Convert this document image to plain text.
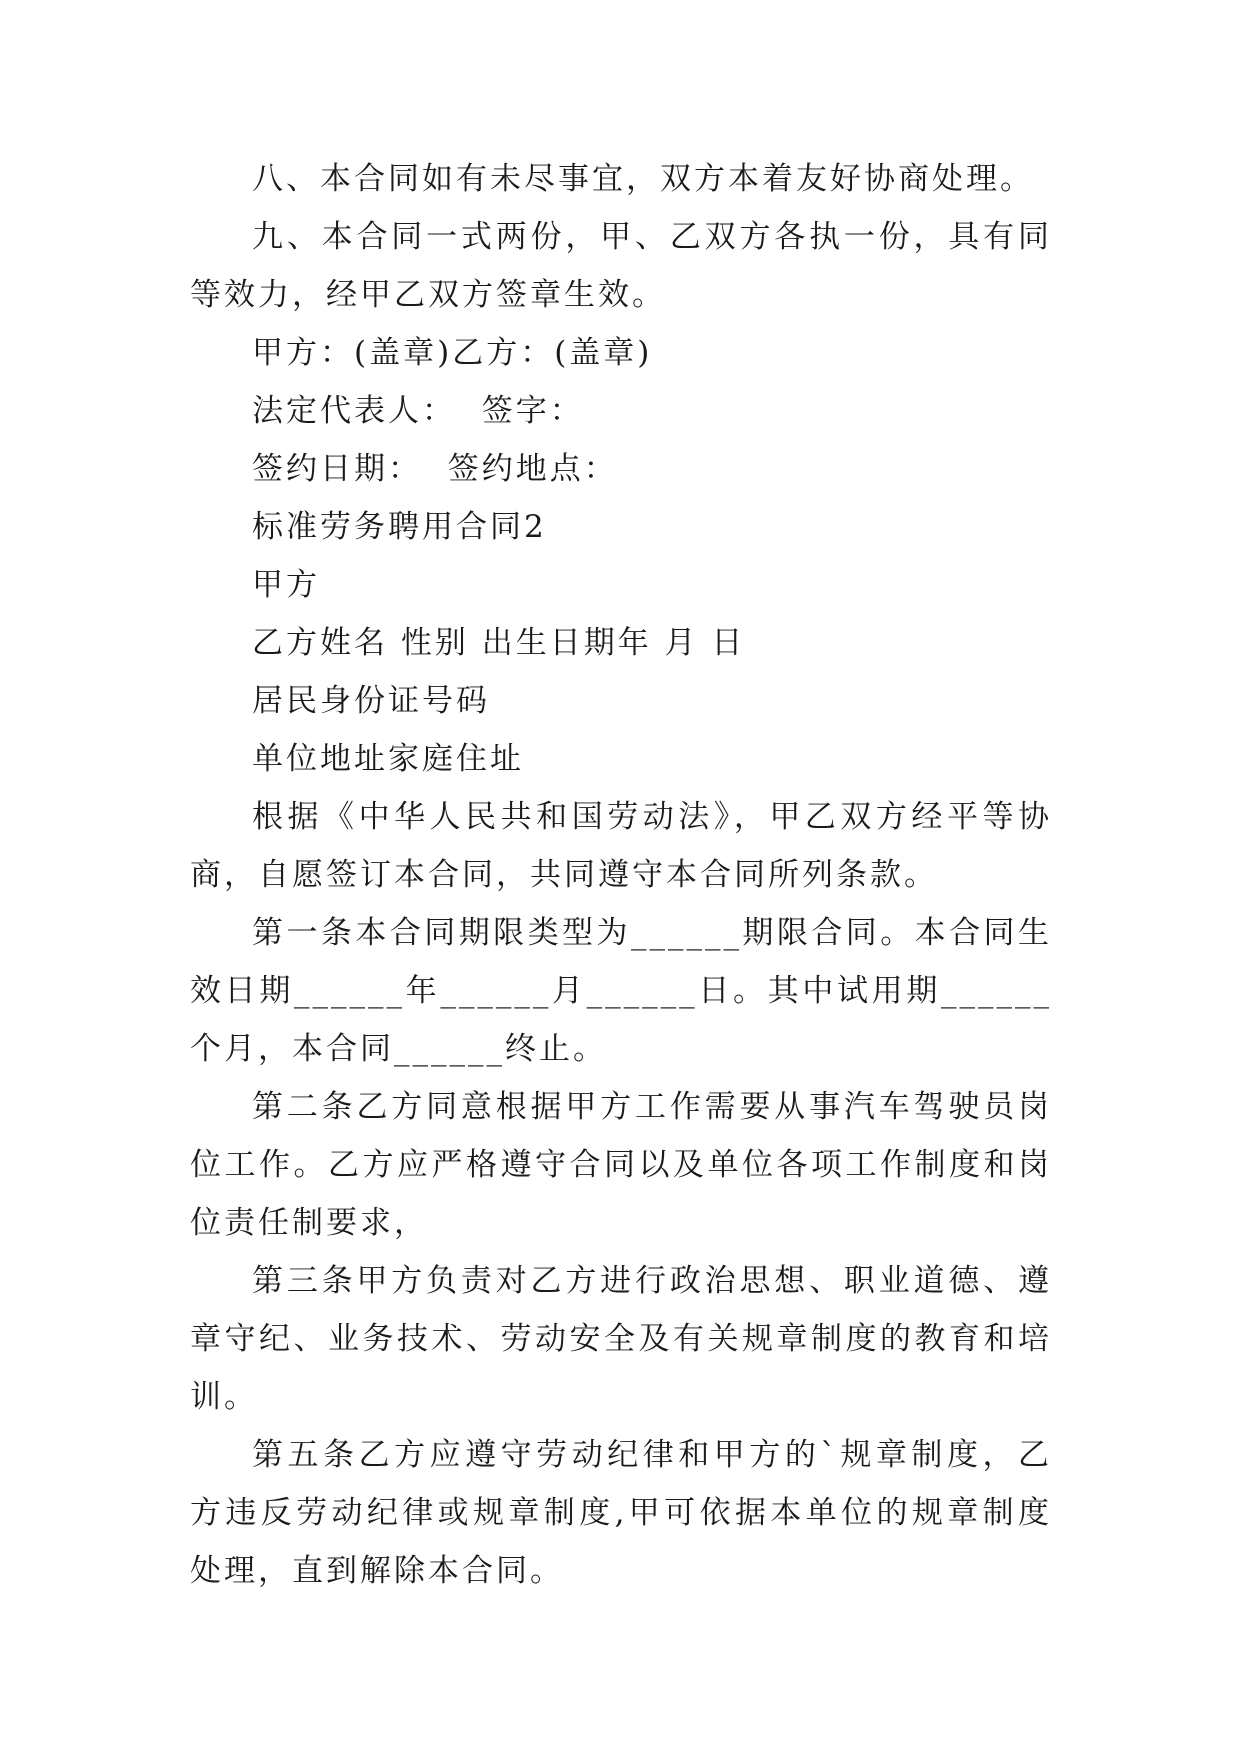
八、本合同如有未尽事宜，双方本着友好协商处理。

九、本合同一式两份，甲、乙双方各执一份，具有同等效力，经甲乙双方签章生效。

甲方：(盖章)乙方：(盖章)

法定代表人：  签字：

签约日期：  签约地点：

标准劳务聘用合同2

甲方

乙方姓名 性别 出生日期年 月 日

居民身份证号码

单位地址家庭住址

根据《中华人民共和国劳动法》，甲乙双方经平等协商，自愿签订本合同，共同遵守本合同所列条款。

第一条本合同期限类型为______期限合同。本合同生效日期______年______月______日。其中试用期______个月，本合同______终止。

第二条乙方同意根据甲方工作需要从事汽车驾驶员岗位工作。乙方应严格遵守合同以及单位各项工作制度和岗位责任制要求，

第三条甲方负责对乙方进行政治思想、职业道德、遵章守纪、业务技术、劳动安全及有关规章制度的教育和培训。

第五条乙方应遵守劳动纪律和甲方的`规章制度，乙方违反劳动纪律或规章制度,甲可依据本单位的规章制度处理，直到解除本合同。
